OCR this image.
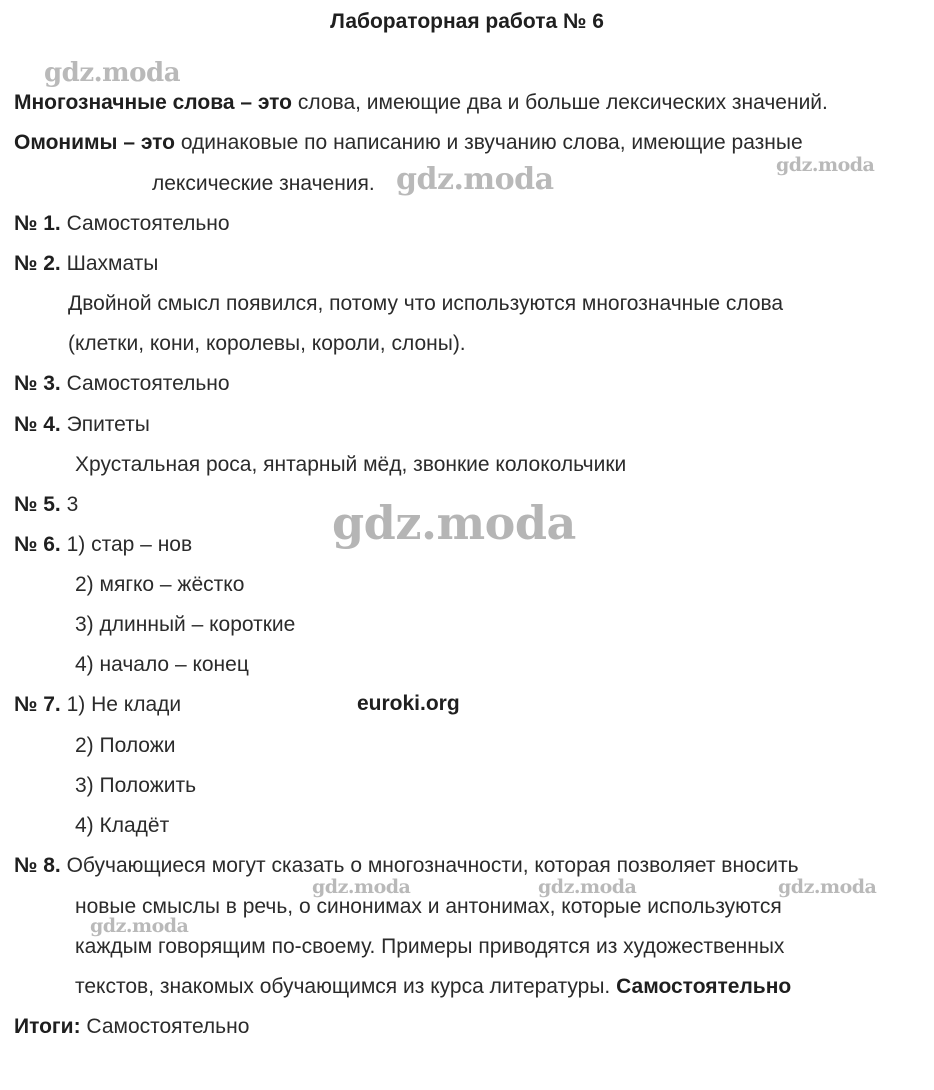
Лабораторная работа № 6
gdz.moda
Многозначные слова – это слова, имеющие два и больше лексических значений.
Омонимы – это одинаковые по написанию и звучанию слова, имеющие разные
лексические значения. gdz.moda	gdz.moda
№ 1. Самостоятельно
№ 2. Шахматы
Двойной смысл появился, потому что используются многозначные слова
(клетки, кони, королевы, короли, слоны).
№ 3. Самостоятельно
№ 4. Эпитеты
Хрустальная роса, янтарный мёд, звонкие колокольчики
№ 5. 3	gdz.moda
№ 6. 1) стар – нов
2) мягко – жёстко
3) длинный – короткие
4) начало – конец
№ 7. 1) Не клади	euroki.org
2) Положи
3) Положить
4) Кладёт
№ 8. Обучающиеся могут сказать о многозначности, которая позволяет вносить
gdz.moda	gdz.moda	gdz.moda
новые смыслы в речь, о синонимах и антонимах, которые используются
gdz.moda
каждым говорящим по-своему. Примеры приводятся из художественных
текстов, знакомых обучающимся из курса литературы. Самостоятельно
Итоги: Самостоятельно
